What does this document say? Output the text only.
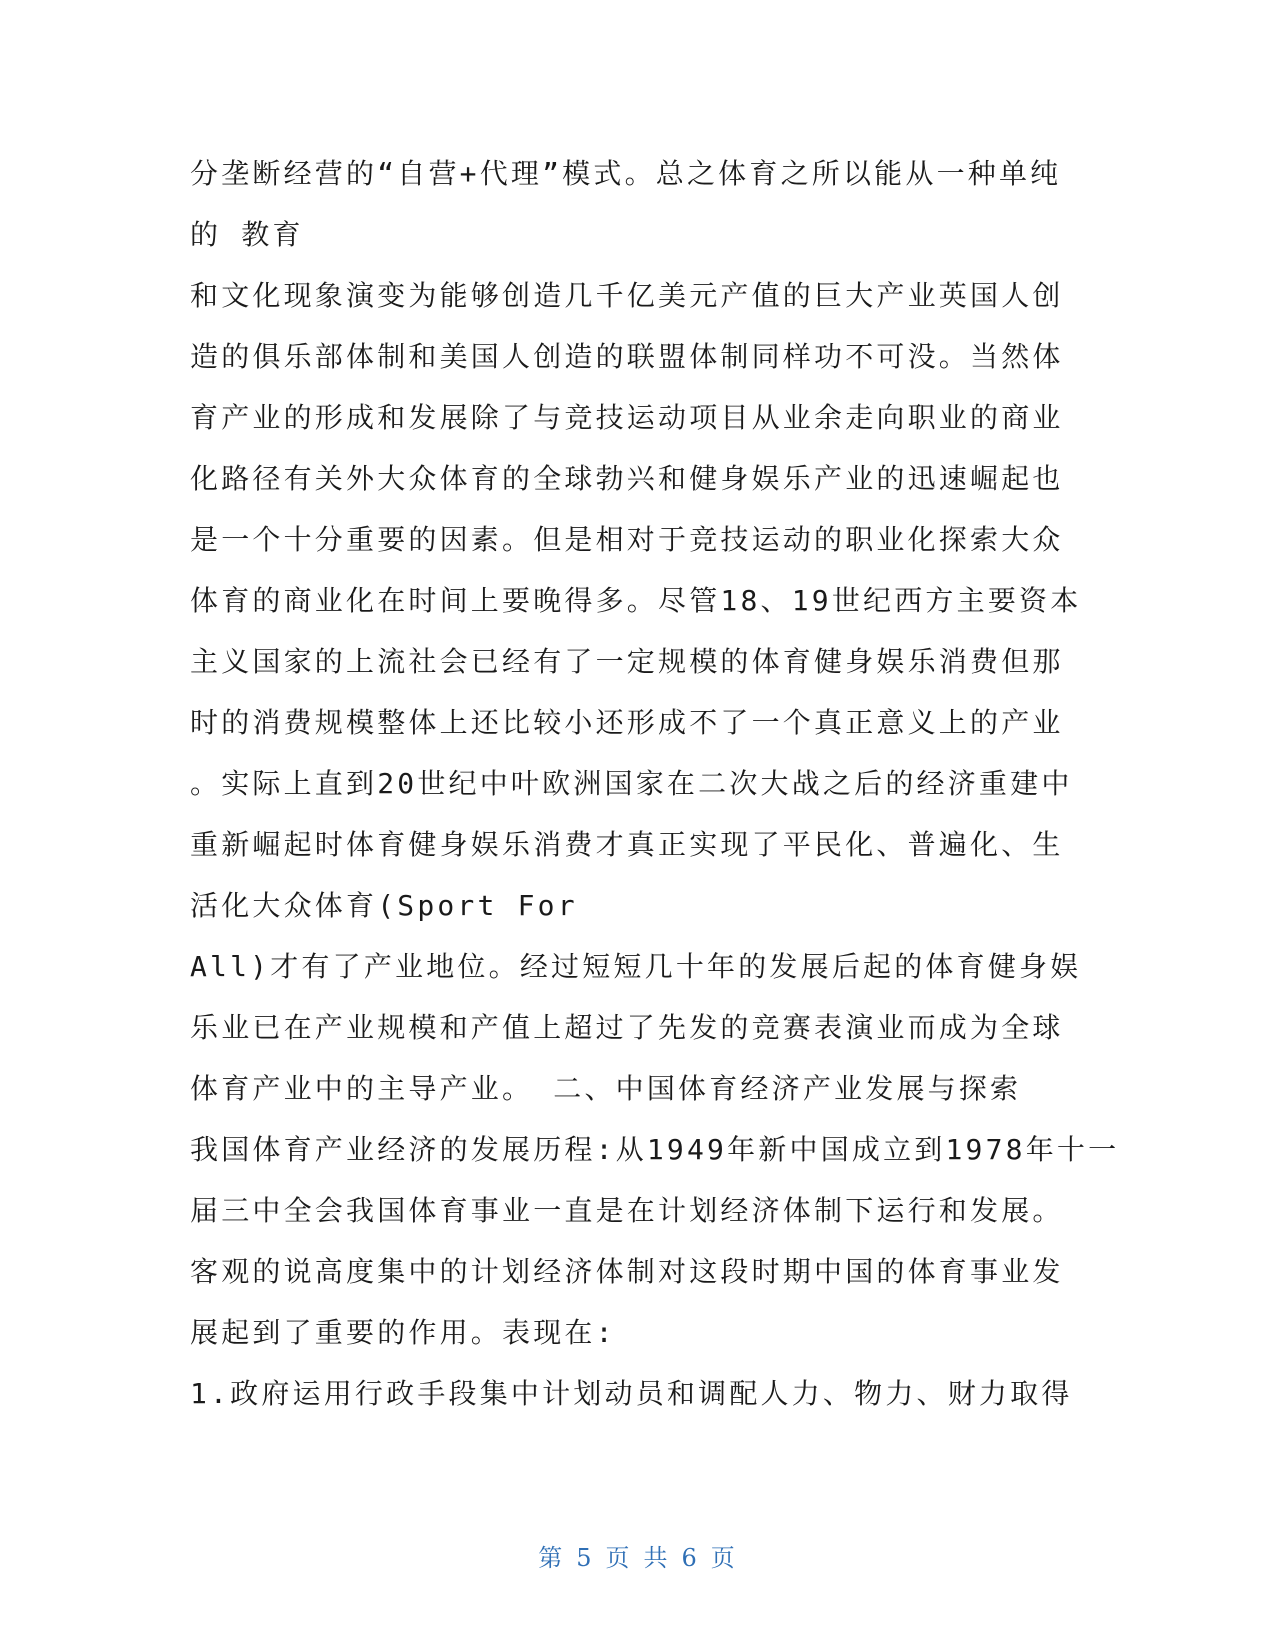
分垄断经营的“自营+代理”模式。总之体育之所以能从一种单纯
的 教育
和文化现象演变为能够创造几千亿美元产值的巨大产业英国人创
造的俱乐部体制和美国人创造的联盟体制同样功不可没。当然体
育产业的形成和发展除了与竞技运动项目从业余走向职业的商业
化路径有关外大众体育的全球勃兴和健身娱乐产业的迅速崛起也
是一个十分重要的因素。但是相对于竞技运动的职业化探索大众
体育的商业化在时间上要晚得多。尽管18、19世纪西方主要资本
主义国家的上流社会已经有了一定规模的体育健身娱乐消费但那
时的消费规模整体上还比较小还形成不了一个真正意义上的产业
。实际上直到20世纪中叶欧洲国家在二次大战之后的经济重建中
重新崛起时体育健身娱乐消费才真正实现了平民化、普遍化、生
活化大众体育(Sport For
All)才有了产业地位。经过短短几十年的发展后起的体育健身娱
乐业已在产业规模和产值上超过了先发的竞赛表演业而成为全球
体育产业中的主导产业。 二、中国体育经济产业发展与探索
我国体育产业经济的发展历程:从1949年新中国成立到1978年十一
届三中全会我国体育事业一直是在计划经济体制下运行和发展。
客观的说高度集中的计划经济体制对这段时期中国的体育事业发
展起到了重要的作用。表现在:
1.政府运用行政手段集中计划动员和调配人力、物力、财力取得
第 5 页 共 6 页
